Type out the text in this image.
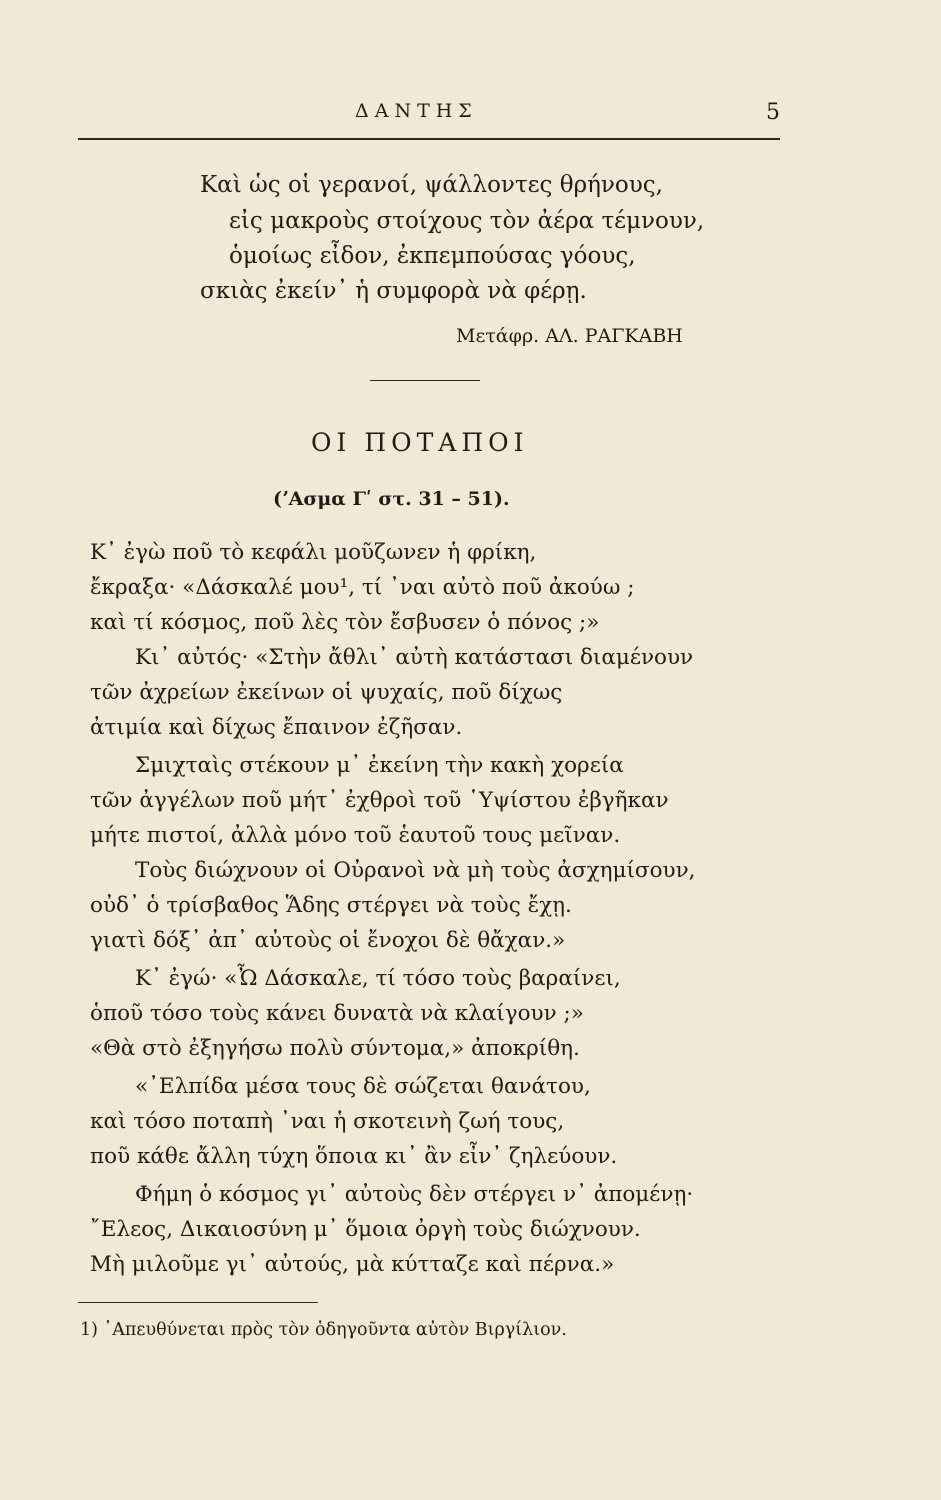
ΔΑΝΤΗΣ	5
Καὶ ὡς οἱ γερανοί, ψάλλοντες θρήνους,
εἰς μακροὺς στοίχους τὸν ἀέρα τέμνουν,
ὁμοίως εἶδον, ἐκπεμπούσας γόους,
σκιὰς ἐκείν᾿ ἡ συμφορὰ νὰ φέρῃ.
Μετάφρ. ΑΛ. ΡΑΓΚΑΒΗ
ΟΙ ΠΟΤΑΠΟΙ
(ʼΑσμα Γʹ στ. 31 – 51).
Κ᾿ ἐγὼ ποῦ τὸ κεφάλι μοῦζωνεν ἡ φρίκη,
ἔκραξα· «Δάσκαλέ μου¹, τί ᾿ναι αὐτὸ ποῦ ἀκούω ;
καὶ τί κόσμος, ποῦ λὲς τὸν ἔσβυσεν ὁ πόνος ;»
Κι᾿ αὐτός· «Στὴν ἄθλι᾿ αὐτὴ κατάστασι διαμένουν
τῶν ἀχρείων ἐκείνων οἱ ψυχαίς, ποῦ δίχως
ἀτιμία καὶ δίχως ἔπαινον ἐζῆσαν.
Σμιχταὶς στέκουν μ᾿ ἐκείνη τὴν κακὴ χορεία
τῶν ἀγγέλων ποῦ μήτ᾿ ἐχθροὶ τοῦ ῾Υψίστου ἐβγῆκαν
μήτε πιστοί, ἀλλὰ μόνο τοῦ ἑαυτοῦ τους μεῖναν.
Τοὺς διώχνουν οἱ Οὐρανοὶ νὰ μὴ τοὺς ἀσχημίσουν,
οὐδ᾿ ὁ τρίσβαθος Ἅδης στέργει νὰ τοὺς ἔχῃ.
γιατὶ δόξ᾿ ἀπ᾿ αὐτοὺς οἱ ἔνοχοι δὲ θἄχαν.»
Κ᾿ ἐγώ· «Ὦ Δάσκαλε, τί τόσο τοὺς βαραίνει,
ὁποῦ τόσο τοὺς κάνει δυνατὰ νὰ κλαίγουν ;»
«Θὰ στὸ ἐξηγήσω πολὺ σύντομα,» ἀποκρίθη.
«᾿Ελπίδα μέσα τους δὲ σώζεται θανάτου,
καὶ τόσο ποταπὴ ᾿ναι ἡ σκοτεινὴ ζωή τους,
ποῦ κάθε ἄλλη τύχη ὅποια κι᾿ ἂν εἶν᾿ ζηλεύουν.
Φήμη ὁ κόσμος γι᾿ αὐτοὺς δὲν στέργει ν᾿ ἀπομένῃ·
῎Ελεος, Δικαιοσύνη μ᾿ ὅμοια ὀργὴ τοὺς διώχνουν.
Μὴ μιλοῦμε γι᾿ αὐτούς, μὰ κύτταζε καὶ πέρνα.»
1) ᾿Απευθύνεται πρὸς τὸν ὁδηγοῦντα αὐτὸν Βιργίλιον.
